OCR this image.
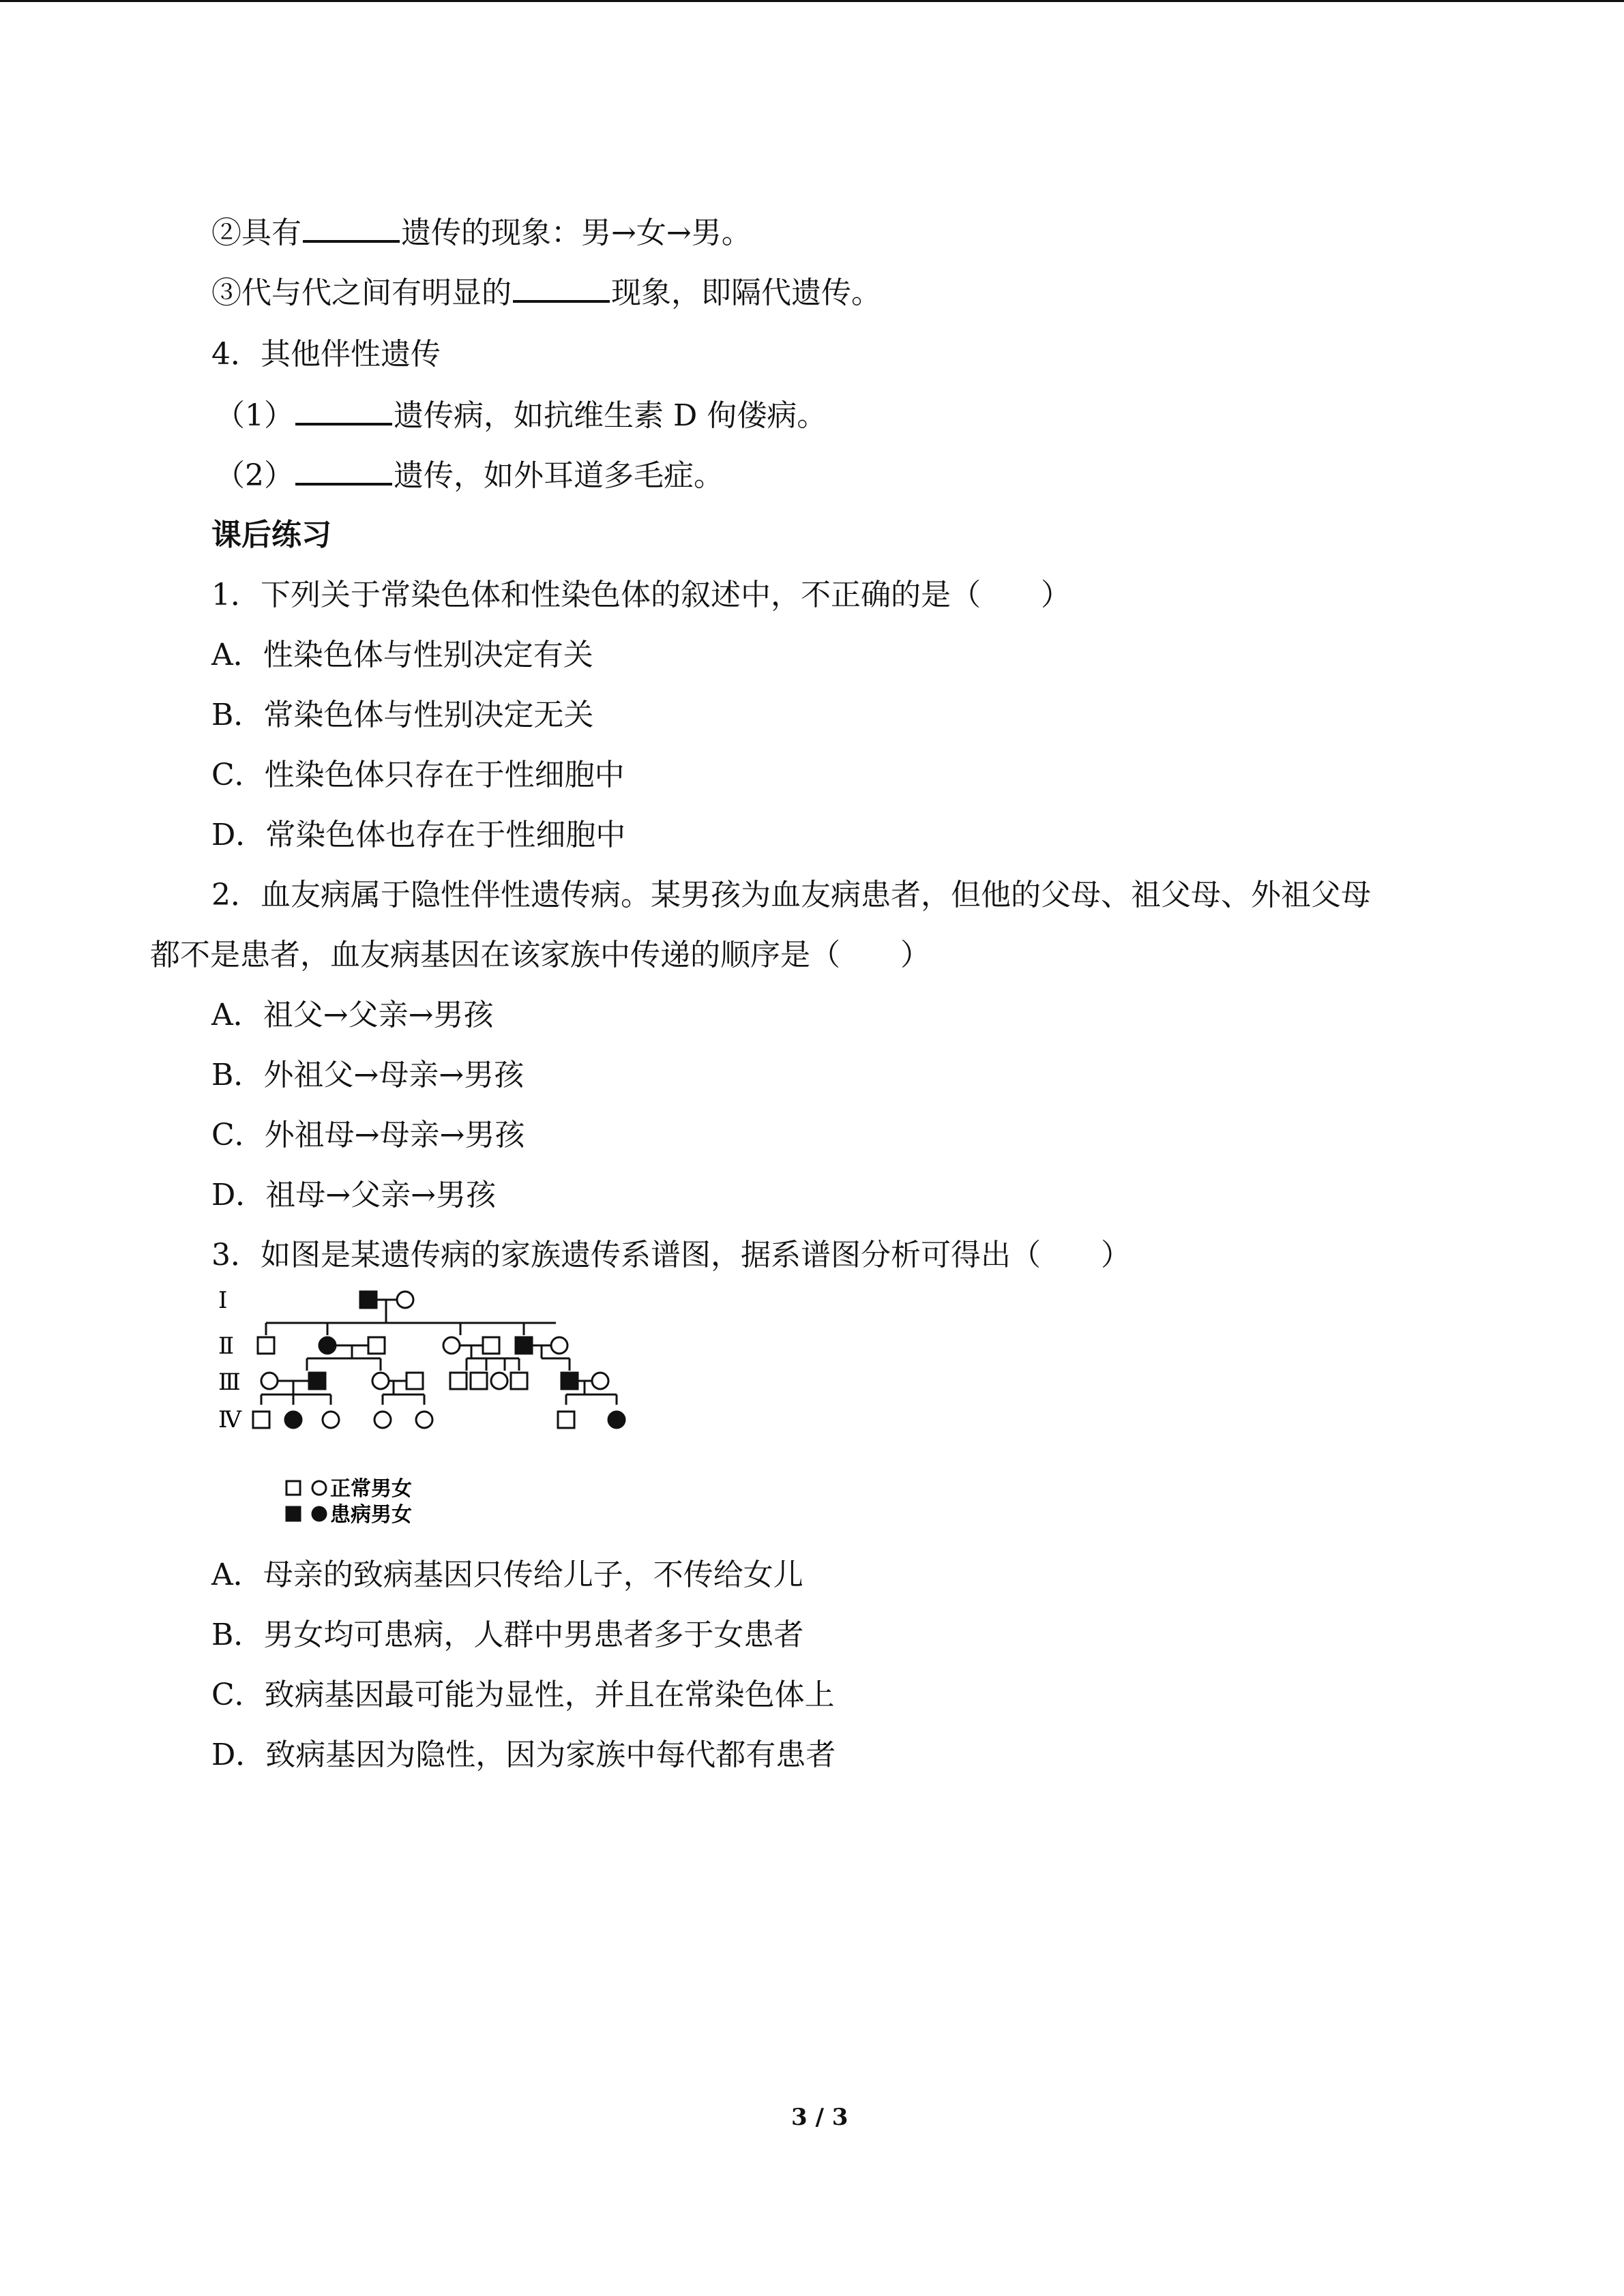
②具有	遗传的现象：男→女→男。
③代与代之间有明显的	现象，即隔代遗传。
4．其他伴性遗传
（1）	遗传病，如抗维生素 D 佝偻病。
（2）	遗传，如外耳道多毛症。
课后练习
1．下列关于常染色体和性染色体的叙述中，不正确的是（　　）
A．性染色体与性别决定有关
B．常染色体与性别决定无关
C．性染色体只存在于性细胞中
D．常染色体也存在于性细胞中
2．血友病属于隐性伴性遗传病。某男孩为血友病患者，但他的父母、祖父母、外祖父母
都不是患者，血友病基因在该家族中传递的顺序是（　　）
A．祖父→父亲→男孩
B．外祖父→母亲→男孩
C．外祖母→母亲→男孩
D．祖母→父亲→男孩
3．如图是某遗传病的家族遗传系谱图，据系谱图分析可得出（　　）
Ⅰ
Ⅱ
Ⅲ
Ⅳ
正常男女
患病男女
A．母亲的致病基因只传给儿子，不传给女儿
B．男女均可患病，人群中男患者多于女患者
C．致病基因最可能为显性，并且在常染色体上
D．致病基因为隐性，因为家族中每代都有患者
3 / 3
